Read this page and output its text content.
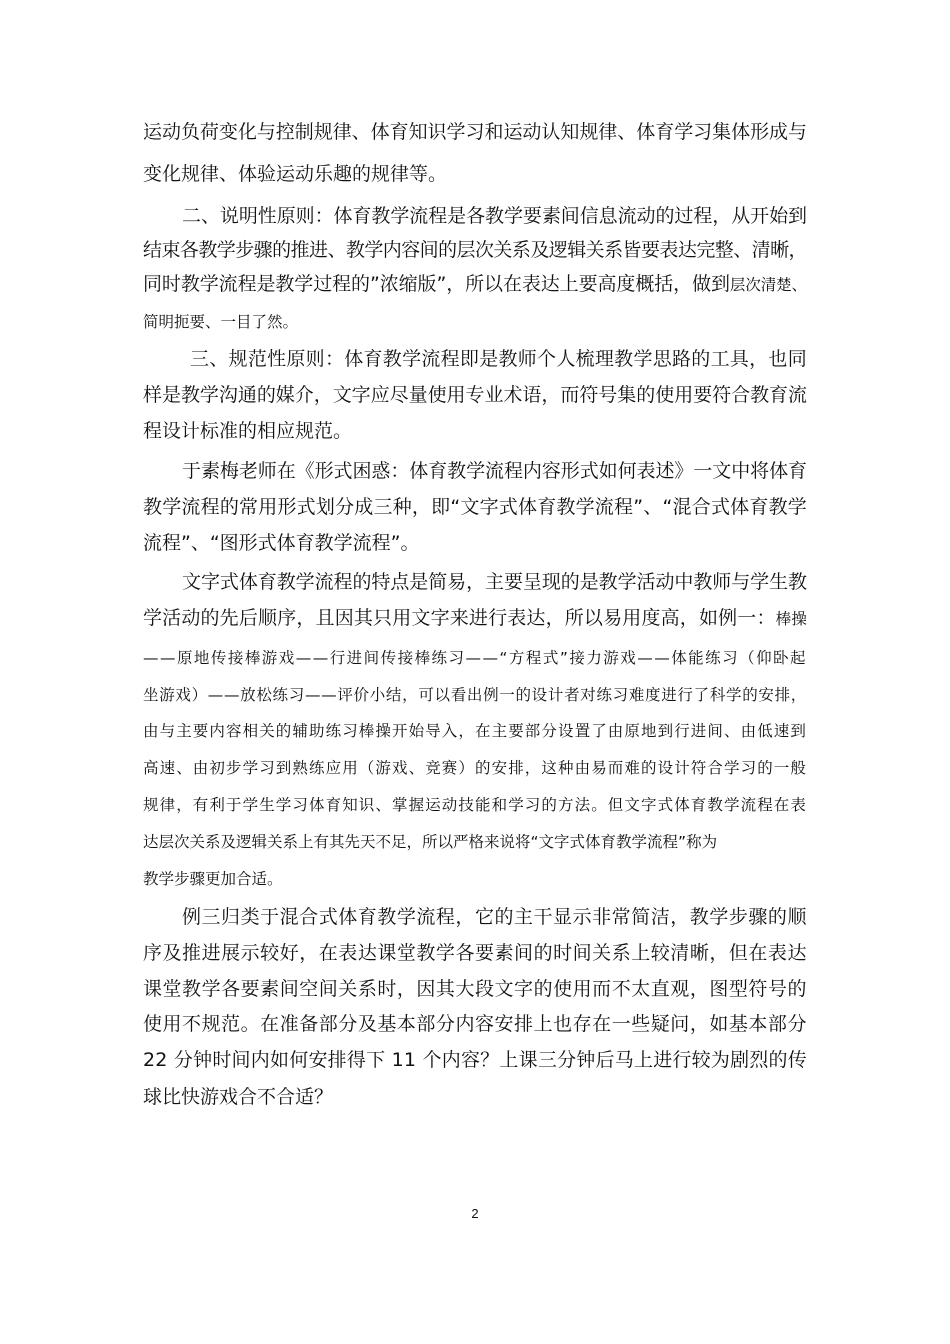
运动负荷变化与控制规律、体育知识学习和运动认知规律、体育学习集体形成与
变化规律、体验运动乐趣的规律等。
二、说明性原则：体育教学流程是各教学要素间信息流动的过程，从开始到
结束各教学步骤的推进、教学内容间的层次关系及逻辑关系皆要表达完整、清晰，
同时教学流程是教学过程的”浓缩版”，所以在表达上要高度概括，做到层次清楚、
简明扼要、一目了然。
三、规范性原则：体育教学流程即是教师个人梳理教学思路的工具，也同
样是教学沟通的媒介，文字应尽量使用专业术语，而符号集的使用要符合教育流
程设计标准的相应规范。
于素梅老师在《形式困惑：体育教学流程内容形式如何表述》一文中将体育
教学流程的常用形式划分成三种，即“文字式体育教学流程”、“混合式体育教学
流程”、“图形式体育教学流程”。
文字式体育教学流程的特点是简易，主要呈现的是教学活动中教师与学生教
学活动的先后顺序，且因其只用文字来进行表达，所以易用度高，如例一：棒操
——原地传接棒游戏——行进间传接棒练习——“方程式”接力游戏——体能练习（仰卧起
坐游戏）——放松练习——评价小结，可以看出例一的设计者对练习难度进行了科学的安排，
由与主要内容相关的辅助练习棒操开始导入，在主要部分设置了由原地到行进间、由低速到
高速、由初步学习到熟练应用（游戏、竞赛）的安排，这种由易而难的设计符合学习的一般
规律，有利于学生学习体育知识、掌握运动技能和学习的方法。但文字式体育教学流程在表
达层次关系及逻辑关系上有其先天不足，所以严格来说将“文字式体育教学流程”称为
教学步骤更加合适。
例三归类于混合式体育教学流程，它的主干显示非常简洁，教学步骤的顺
序及推进展示较好，在表达课堂教学各要素间的时间关系上较清晰，但在表达
课堂教学各要素间空间关系时，因其大段文字的使用而不太直观，图型符号的
使用不规范。在准备部分及基本部分内容安排上也存在一些疑问，如基本部分
22 分钟时间内如何安排得下 11 个内容？上课三分钟后马上进行较为剧烈的传
球比快游戏合不合适？
2
